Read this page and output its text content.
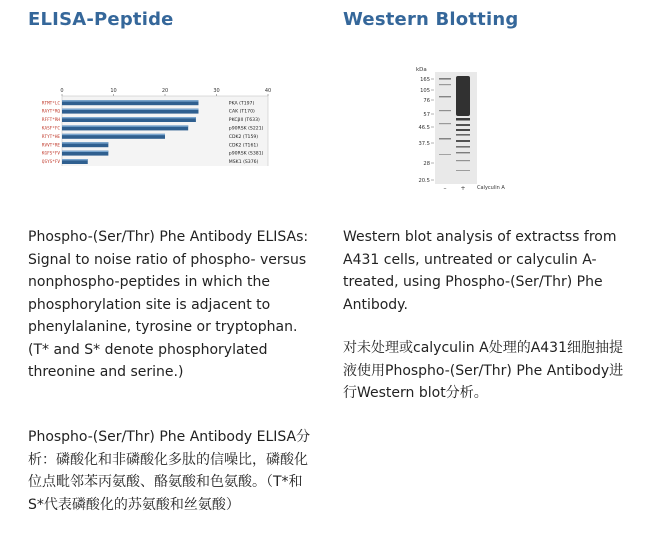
ELISA-Peptide
0	10	20	30	40
RTMT*LC	PKA (T197)
RAYT*RQ	CAK (T170)
RFFT*RH	PKCβII (T633)
KASF*FC	p90RSK (S221)
RTYT*HE	CDK2 (T159)
RVVT*RE	CDK2 (T161)
KGFS*FV	p90RSK (S381)
QSYS*FV	MSK1 (S376)

Phospho-(Ser/Thr) Phe Antibody ELISAs: Signal to noise ratio of phospho- versus nonphospho-peptides in which the phosphorylation site is adjacent to phenylalanine, tyrosine or tryptophan. (T* and S* denote phosphorylated threonine and serine.)

Phospho-(Ser/Thr) Phe Antibody ELISA分析：磷酸化和非磷酸化多肽的信噪比，磷酸化位点毗邻苯丙氨酸、酪氨酸和色氨酸。（T*和S*代表磷酸化的苏氨酸和丝氨酸）

Western Blotting
kDa
165
105
76
57
46.5
37.5
28
20.5
– + Calyculin A

Western blot analysis of extractss from A431 cells, untreated or calyculin A-treated, using Phospho-(Ser/Thr) Phe Antibody.

对未处理或calyculin A处理的A431细胞抽提液使用Phospho-(Ser/Thr) Phe Antibody进行Western blot分析。
